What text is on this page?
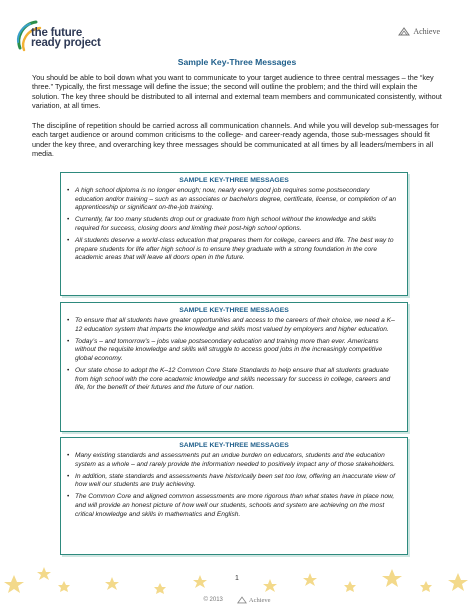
the future
ready project
Achieve
Sample Key-Three Messages

You should be able to boil down what you want to communicate to your target audience to three central messages – the “key three.” Typically, the first message will define the issue; the second will outline the problem; and the third will explain the solution. The key three should be distributed to all internal and external team members and communicated consistently, without variation, at all times.

The discipline of repetition should be carried across all communication channels. And while you will develop sub-messages for each target audience or around common criticisms to the college- and career-ready agenda, those sub-messages should fit under the key three, and overarching key three messages should be communicated at all times by all leaders/members in all media.

SAMPLE KEY-THREE MESSAGES
• A high school diploma is no longer enough; now, nearly every good job requires some postsecondary education and/or training – such as an associates or bachelors degree, certificate, license, or completion of an apprenticeship or significant on-the-job training.
• Currently, far too many students drop out or graduate from high school without the knowledge and skills required for success, closing doors and limiting their post-high school options.
• All students deserve a world-class education that prepares them for college, careers and life. The best way to prepare students for life after high school is to ensure they graduate with a strong foundation in the core academic areas that will leave all doors open in the future.
SAMPLE KEY-THREE MESSAGES
• To ensure that all students have greater opportunities and access to the careers of their choice, we need a K–12 education system that imparts the knowledge and skills most valued by employers and higher education.
• Today’s – and tomorrow’s – jobs value postsecondary education and training more than ever. Americans without the requisite knowledge and skills will struggle to access good jobs in the increasingly competitive global economy.
• Our state chose to adopt the K–12 Common Core State Standards to help ensure that all students graduate from high school with the core academic knowledge and skills necessary for success in college, careers and life, for the benefit of their futures and the future of our nation.
SAMPLE KEY-THREE MESSAGES
• Many existing standards and assessments put an undue burden on educators, students and the education system as a whole – and rarely provide the information needed to positively impact any of those stakeholders.
• In addition, state standards and assessments have historically been set too low, offering an inaccurate view of how well our students are truly achieving.
• The Common Core and aligned common assessments are more rigorous than what states have in place now, and will provide an honest picture of how well our students, schools and system are achieving on the most critical knowledge and skills in mathematics and English.
1
© 2013	Achieve
